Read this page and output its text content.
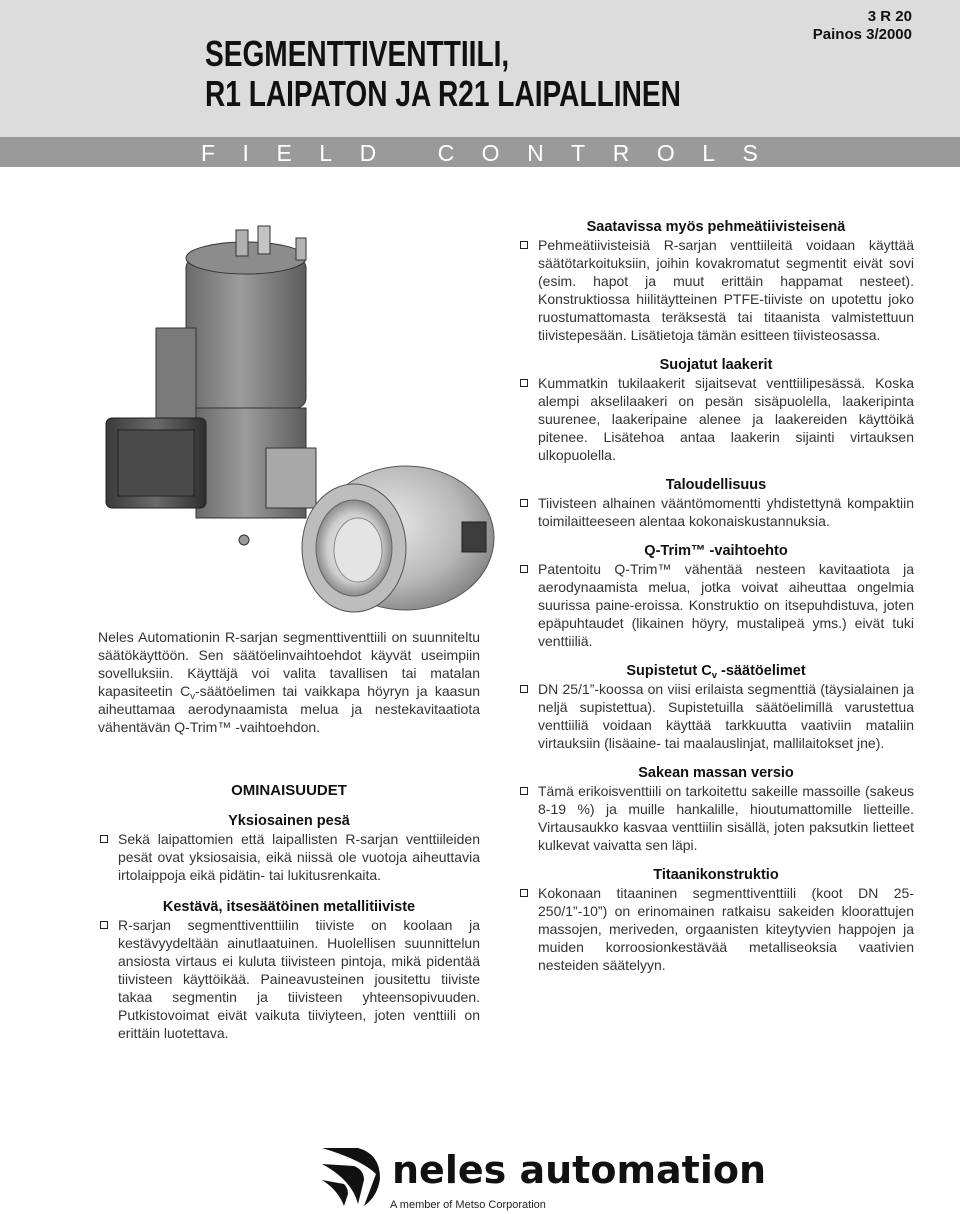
3 R 20
Painos 3/2000
SEGMENTTIVENTTIILI,
R1 LAIPATON JA R21 LAIPALLINEN
FIELD CONTROLS
Saatavissa myös pehmeätiivisteisenä
Pehmeätiivisteisiä R-sarjan venttiileitä voidaan käyttää säätötarkoituksiin, joihin kovakromatut segmentit eivät sovi (esim. hapot ja muut erittäin happamat nesteet). Konstruktiossa hiilitäytteinen PTFE-tiiviste on upotettu joko ruostumattomasta teräksestä tai titaanista valmistettuun tiivistepesään. Lisätietoja tämän esitteen tiivisteosassa.
Suojatut laakerit
Kummatkin tukilaakerit sijaitsevat venttiilipesässä. Koska alempi akselilaakeri on pesän sisäpuolella, laakeripinta suurenee, laakeripaine alenee ja laakereiden käyttöikä pitenee. Lisätehoa antaa laakerin sijainti virtauksen ulkopuolella.
Taloudellisuus
Tiivisteen alhainen vääntömomentti yhdistettynä kompaktiin toimilaitteeseen alentaa kokonaiskustannuksia.
Q-Trim™ -vaihtoehto
Patentoitu Q-Trim™ vähentää nesteen kavitaatiota ja aerodynaamista melua, jotka voivat aiheuttaa ongelmia suurissa paine-eroissa. Konstruktio on itsepuhdistuva, joten epäpuhtaudet (likainen höyry, mustalipeä yms.) eivät tuki venttiiliä.
Supistetut $C_v$ -säätöelimet
DN 25/1”-koossa on viisi erilaista segmenttiä (täysialainen ja neljä supistettua). Supistetuilla säätöelimillä varustettua venttiiliä voidaan käyttää tarkkuutta vaativiin mataliin virtauksiin (lisäaine- tai maalauslinjat, mallilaitokset jne).
Sakean massan versio
Tämä erikoisventtiili on tarkoitettu sakeille massoille (sakeus 8-19 %) ja muille hankalille, hioutumattomille lietteille. Virtausaukko kasvaa venttiilin sisällä, joten paksutkin lietteet kulkevat vaivatta sen läpi.
Titaanikonstruktio
Kokonaan titaaninen segmenttiventtiili (koot DN 25-250/1”-10”) on erinomainen ratkaisu sakeiden kloorattujen massojen, meriveden, orgaanisten kiteytyvien happojen ja muiden korroosionkestävää metalliseoksia vaativien nesteiden säätelyyn.
Neles Automationin R-sarjan segmenttiventtiili on suunniteltu säätökäyttöön. Sen säätöelinvaihtoehdot käyvät useimpiin sovelluksiin. Käyttäjä voi valita tavallisen tai matalan kapasiteetin $C_v$-säätöelimen tai vaikkapa höyryn ja kaasun aiheuttamaa aerodynaamista melua ja nestekavitaatiota vähentävän Q-Trim™ -vaihtoehdon.
OMINAISUUDET
Yksiosainen pesä
Sekä laipattomien että laipallisten R-sarjan venttiileiden pesät ovat yksiosaisia, eikä niissä ole vuotoja aiheuttavia irtolaippoja eikä pidätin- tai lukitusrenkaita.
Kestävä, itsesäätöinen metallitiiviste
R-sarjan segmenttiventtiilin tiiviste on koolaan ja kestävyydeltään ainutlaatuinen. Huolellisen suunnittelun ansiosta virtaus ei kuluta tiivisteen pintoja, mikä pidentää tiivisteen käyttöikää. Paineavusteinen jousitettu tiiviste takaa segmentin ja tiivisteen yhteensopivuuden. Putkistovoimat eivät vaikuta tiiviyteen, joten venttiili on erittäin luotettava.
neles automation
A member of Metso Corporation
